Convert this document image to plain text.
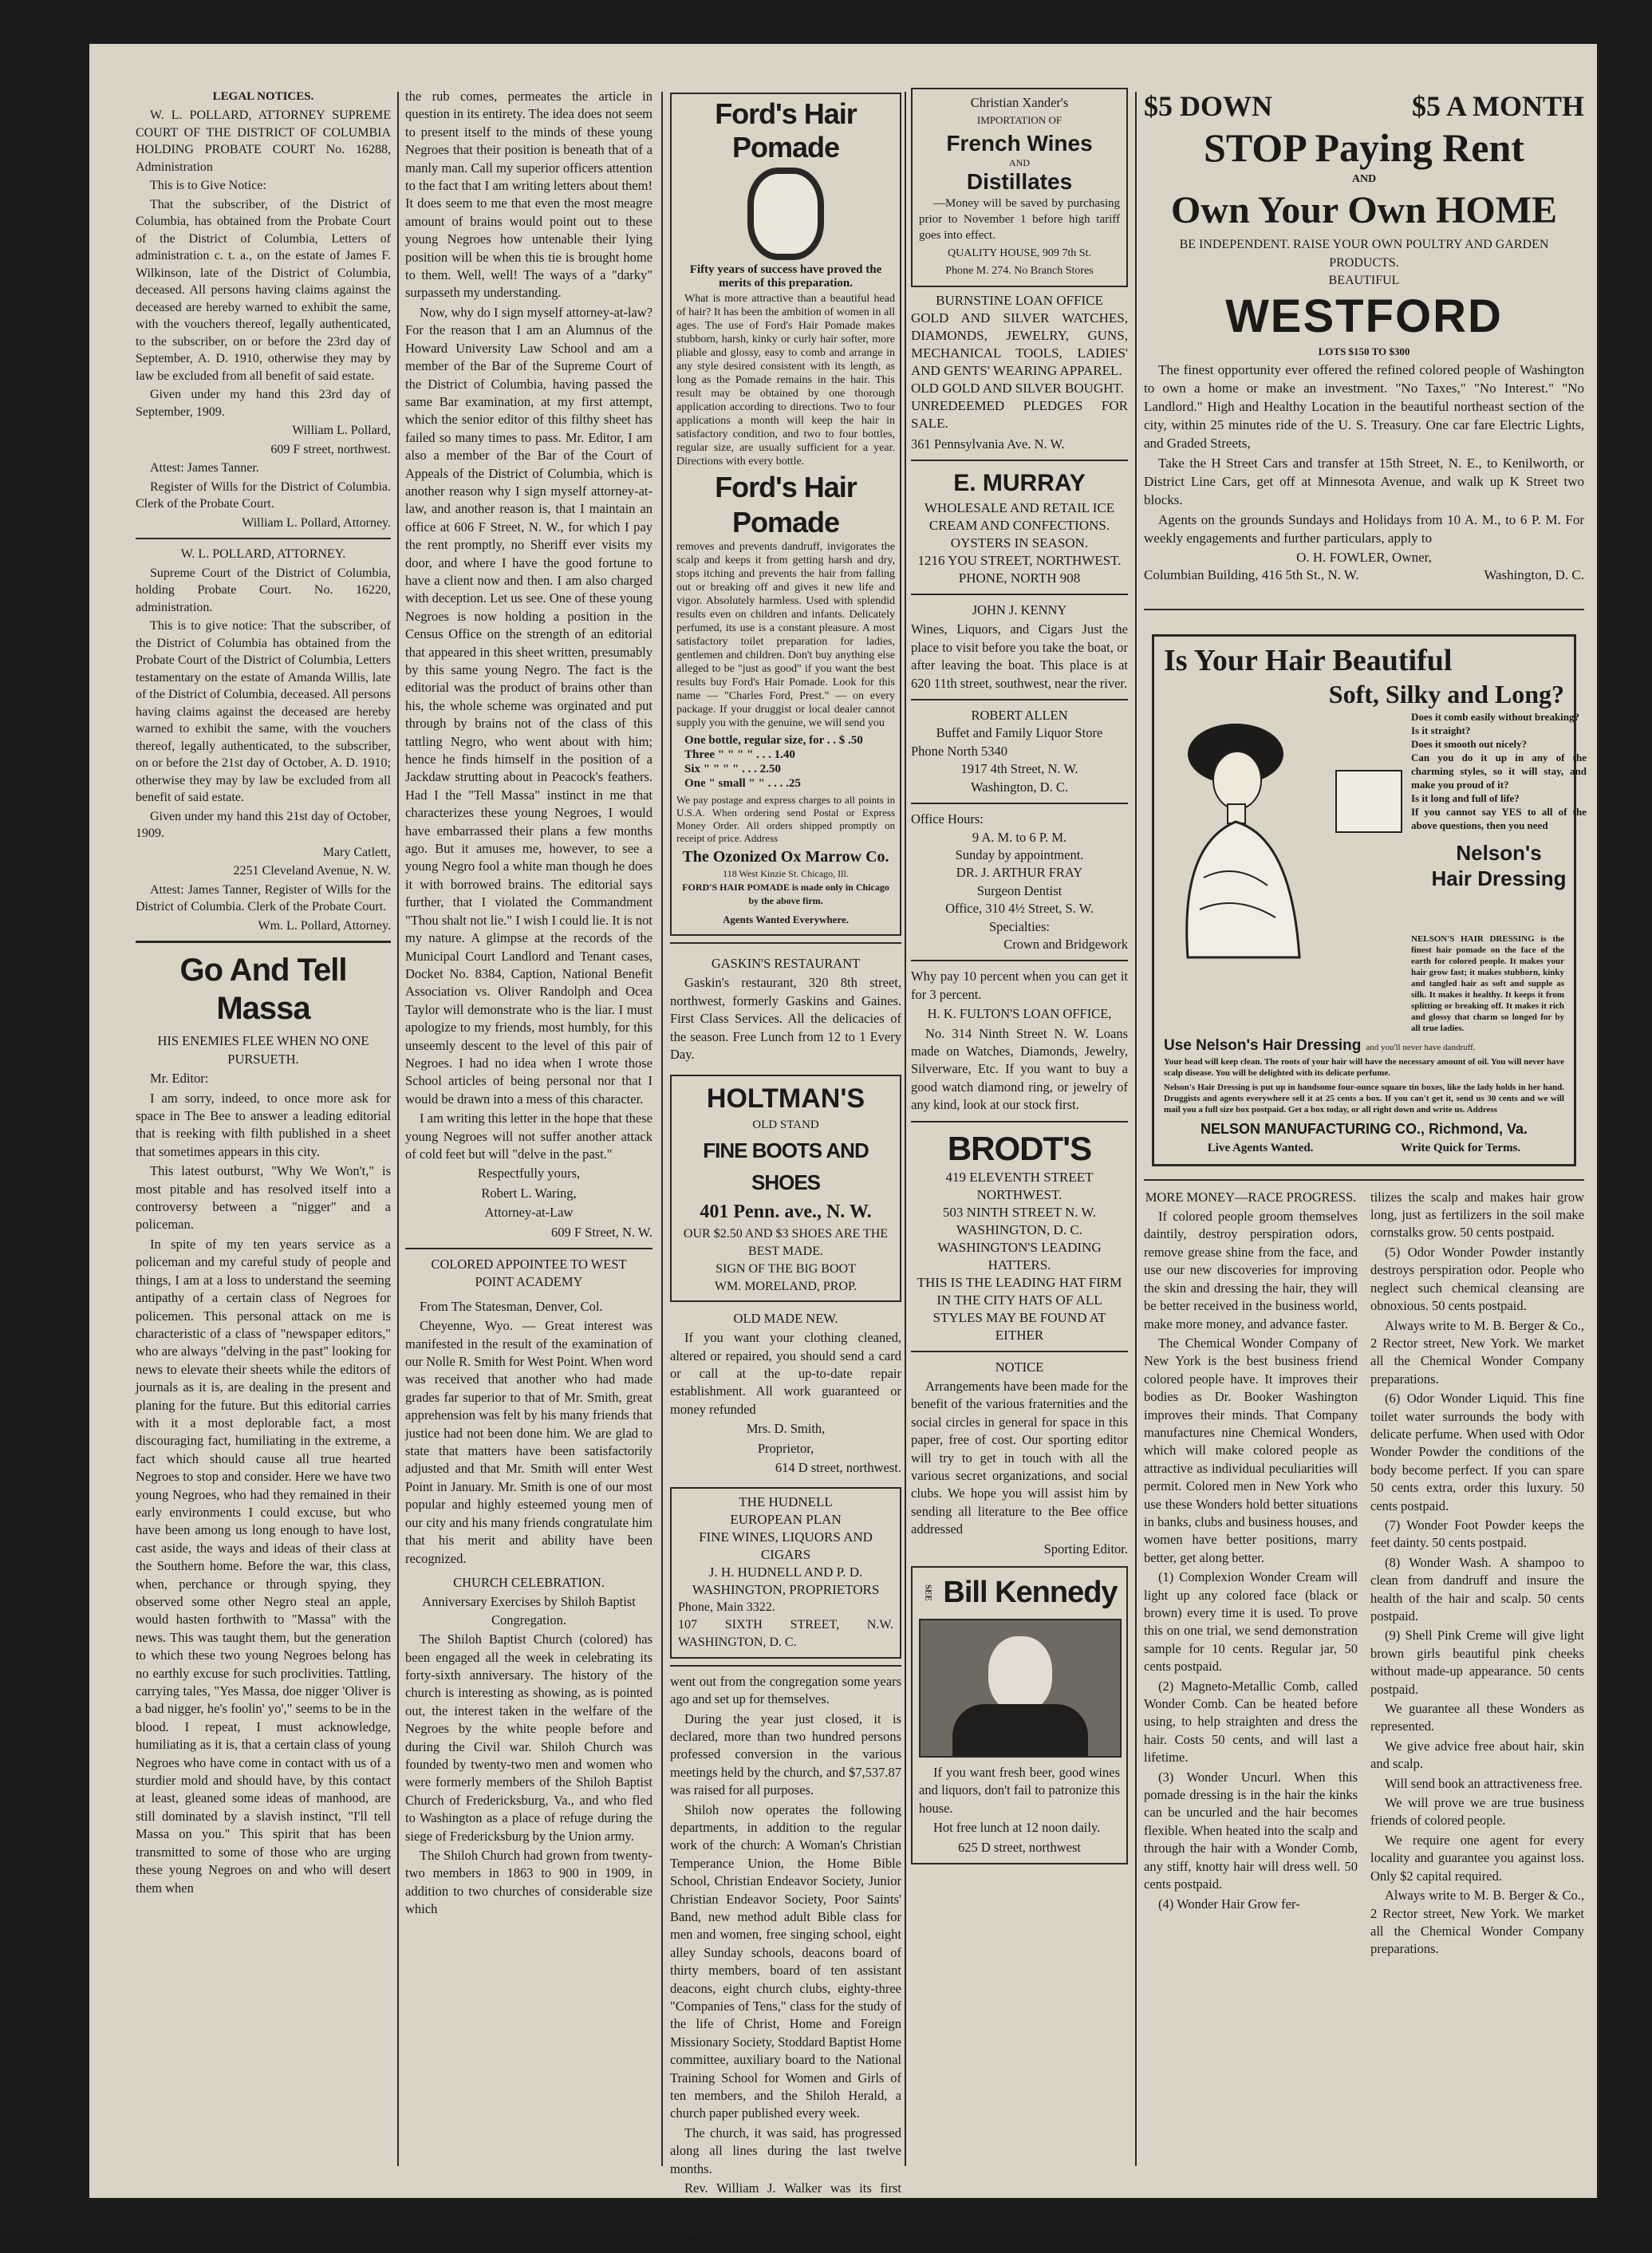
LEGAL NOTICES.

W. L. POLLARD, ATTORNEY SUPREME COURT OF THE DISTRICT OF COLUMBIA HOLDING PROBATE COURT No. 16288, Administration

This is to Give Notice:

That the subscriber, of the District of Columbia, has obtained from the Probate Court of the District of Columbia, Letters of administration c. t. a., on the estate of James F. Wilkinson, late of the District of Columbia, deceased. All persons having claims against the deceased are hereby warned to exhibit the same, with the vouchers thereof, legally authenticated, to the subscriber, on or before the 23rd day of September, A. D. 1910, otherwise they may by law be excluded from all benefit of said estate.

Given under my hand this 23rd day of September, 1909.

William L. Pollard,

609 F street, northwest.

Attest: James Tanner.

Register of Wills for the District of Columbia. Clerk of the Probate Court.

William L. Pollard, Attorney.

W. L. POLLARD, ATTORNEY.

Supreme Court of the District of Columbia, holding Probate Court. No. 16220, administration.

This is to give notice: That the subscriber, of the District of Columbia has obtained from the Probate Court of the District of Columbia, Letters testamentary on the estate of Amanda Willis, late of the District of Columbia, deceased. All persons having claims against the deceased are hereby warned to exhibit the same, with the vouchers thereof, legally authenticated, to the subscriber, on or before the 21st day of October, A. D. 1910; otherwise they may by law be excluded from all benefit of said estate.

Given under my hand this 21st day of October, 1909.

Mary Catlett,

2251 Cleveland Avenue, N. W.

Attest: James Tanner, Register of Wills for the District of Columbia. Clerk of the Probate Court.

Wm. L. Pollard, Attorney.

Go And Tell Massa

HIS ENEMIES FLEE WHEN NO ONE PURSUETH.

Mr. Editor:

I am sorry, indeed, to once more ask for space in The Bee to answer a leading editorial that is reeking with filth published in a sheet that sometimes appears in this city.

This latest outburst, "Why We Won't," is most pitable and has resolved itself into a controversy between a "nigger" and a policeman.

In spite of my ten years service as a policeman and my careful study of people and things, I am at a loss to understand the seeming antipathy of a certain class of Negroes for policemen. This personal attack on me is characteristic of a class of "newspaper editors," who are always "delving in the past" looking for news to elevate their sheets while the editors of journals as it is, are dealing in the present and planing for the future. But this editorial carries with it a most deplorable fact, a most discouraging fact, humiliating in the extreme, a fact which should cause all true hearted Negroes to stop and consider. Here we have two young Negroes, who had they remained in their early environments I could excuse, but who have been among us long enough to have lost, cast aside, the ways and ideas of their class at the Southern home. Before the war, this class, when, perchance or through spying, they observed some other Negro steal an apple, would hasten forthwith to "Massa" with the news. This was taught them, but the generation to which these two young Negroes belong has no earthly excuse for such proclivities. Tattling, carrying tales, "Yes Massa, doe nigger 'Oliver is a bad nigger, he's foolin' yo'," seems to be in the blood. I repeat, I must acknowledge, humiliating as it is, that a certain class of young Negroes who have come in contact with us of a sturdier mold and should have, by this contact at least, gleaned some ideas of manhood, are still dominated by a slavish instinct, "I'll tell Massa on you." This spirit that has been transmitted to some of those who are urging these young Negroes on and who will desert them when

the rub comes, permeates the article in question in its entirety. The idea does not seem to present itself to the minds of these young Negroes that their position is beneath that of a manly man. Call my superior officers attention to the fact that I am writing letters about them! It does seem to me that even the most meagre amount of brains would point out to these young Negroes how untenable their lying position will be when this tie is brought home to them. Well, well! The ways of a "darky" surpasseth my understanding.

Now, why do I sign myself attorney-at-law? For the reason that I am an Alumnus of the Howard University Law School and am a member of the Bar of the Supreme Court of the District of Columbia, having passed the same Bar examination, at my first attempt, which the senior editor of this filthy sheet has failed so many times to pass. Mr. Editor, I am also a member of the Bar of the Court of Appeals of the District of Columbia, which is another reason why I sign myself attorney-at-law, and another reason is, that I maintain an office at 606 F Street, N. W., for which I pay the rent promptly, no Sheriff ever visits my door, and where I have the good fortune to have a client now and then. I am also charged with deception. Let us see. One of these young Negroes is now holding a position in the Census Office on the strength of an editorial that appeared in this sheet written, presumably by this same young Negro. The fact is the editorial was the product of brains other than his, the whole scheme was orginated and put through by brains not of the class of this tattling Negro, who went about with him; hence he finds himself in the position of a Jackdaw strutting about in Peacock's feathers. Had I the "Tell Massa" instinct in me that characterizes these young Negroes, I would have embarrassed their plans a few months ago. But it amuses me, however, to see a young Negro fool a white man though he does it with borrowed brains. The editorial says further, that I violated the Commandment "Thou shalt not lie." I wish I could lie. It is not my nature. A glimpse at the records of the Municipal Court Landlord and Tenant cases, Docket No. 8384, Caption, National Benefit Association vs. Oliver Randolph and Ocea Taylor will demonstrate who is the liar. I must apologize to my friends, most humbly, for this unseemly descent to the level of this pair of Negroes. I had no idea when I wrote those School articles of being personal nor that I would be drawn into a mess of this character.

I am writing this letter in the hope that these young Negroes will not suffer another attack of cold feet but will "delve in the past."

Respectfully yours,

Robert L. Waring,

Attorney-at-Law

609 F Street, N. W.

COLORED APPOINTEE TO WEST POINT ACADEMY

From The Statesman, Denver, Col.

Cheyenne, Wyo. — Great interest was manifested in the result of the examination of our Nolle R. Smith for West Point. When word was received that another who had made grades far superior to that of Mr. Smith, great apprehension was felt by his many friends that justice had not been done him. We are glad to state that matters have been satisfactorily adjusted and that Mr. Smith will enter West Point in January. Mr. Smith is one of our most popular and highly esteemed young men of our city and his many friends congratulate him that his merit and ability have been recognized.

CHURCH CELEBRATION.

Anniversary Exercises by Shiloh Baptist Congregation.

The Shiloh Baptist Church (colored) has been engaged all the week in celebrating its forty-sixth anniversary. The history of the church is interesting as showing, as is pointed out, the interest taken in the welfare of the Negroes by the white people before and during the Civil war. Shiloh Church was founded by twenty-two men and women who were formerly members of the Shiloh Baptist Church of Fredericksburg, Va., and who fled to Washington as a place of refuge during the siege of Fredericksburg by the Union army.

The Shiloh Church had grown from twenty-two members in 1863 to 900 in 1909, in addition to two churches of considerable size which

Ford's Hair Pomade

Fifty years of success have proved the merits of this preparation.

What is more attractive than a beautiful head of hair? It has been the ambition of women in all ages. The use of Ford's Hair Pomade makes stubborn, harsh, kinky or curly hair softer, more pliable and glossy, easy to comb and arrange in any style desired consistent with its length, as long as the Pomade remains in the hair. This result may be obtained by one thorough application according to directions. Two to four applications a month will keep the hair in satisfactory condition, and two to four bottles, regular size, are usually sufficient for a year. Directions with every bottle.

Ford's Hair Pomade

removes and prevents dandruff, invigorates the scalp and keeps it from getting harsh and dry, stops itching and prevents the hair from falling out or breaking off and gives it new life and vigor. Absolutely harmless. Used with splendid results even on children and infants. Delicately perfumed, its use is a constant pleasure. A most satisfactory toilet preparation for ladies, gentlemen and children. Don't buy anything else alleged to be "just as good" if you want the best results buy Ford's Hair Pomade. Look for this name — "Charles Ford, Prest." — on every package. If your druggist or local dealer cannot supply you with the genuine, we will send you

One bottle, regular size, for . . $ .50
Three " " " " . . . 1.40
Six " " " " . . . 2.50
One " small " " . . . .25

We pay postage and express charges to all points in U.S.A. When ordering send Postal or Express Money Order. All orders shipped promptly on receipt of price. Address

The Ozonized Ox Marrow Co.
118 West Kinzie St. Chicago, Ill.
FORD'S HAIR POMADE is made only in Chicago by the above firm.
Agents Wanted Everywhere.

GASKIN'S RESTAURANT

Gaskin's restaurant, 320 8th street, northwest, formerly Gaskins and Gaines. First Class Services. All the delicacies of the season. Free Lunch from 12 to 1 Every Day.

HOLTMAN'S
OLD STAND
FINE BOOTS AND SHOES
401 Penn. ave., N. W.
OUR $2.50 AND $3 SHOES ARE THE BEST MADE.
SIGN OF THE BIG BOOT
WM. MORELAND, PROP.

OLD MADE NEW.

If you want your clothing cleaned, altered or repaired, you should send a card or call at the up-to-date repair establishment. All work guaranteed or money refunded

Mrs. D. Smith,

Proprietor,

614 D street, northwest.

THE HUDNELL
EUROPEAN PLAN
FINE WINES, LIQUORS AND CIGARS
J. H. HUDNELL AND P. D. WASHINGTON, PROPRIETORS
Phone, Main 3322.
107 SIXTH STREET, N.W. WASHINGTON, D. C.

went out from the congregation some years ago and set up for themselves.

During the year just closed, it is declared, more than two hundred persons professed conversion in the various meetings held by the church, and $7,537.87 was raised for all purposes.

Shiloh now operates the following departments, in addition to the regular work of the church: A Woman's Christian Temperance Union, the Home Bible School, Christian Endeavor Society, Junior Christian Endeavor Society, Poor Saints' Band, new method adult Bible class for men and women, free singing school, eight alley Sunday schools, deacons board of thirty members, board of ten assistant deacons, eight church clubs, eighty-three "Companies of Tens," class for the study of the life of Christ, Home and Foreign Missionary Society, Stoddard Baptist Home committee, auxiliary board to the National Training School for Women and Girls of ten members, and the Shiloh Herald, a church paper published every week.

The church, it was said, has progressed along all lines during the last twelve months.

Rev. William J. Walker was its first pastor. A flourishing memorial church named after this pastor is located in Thirteenth street northwest.

Christian Xander's
IMPORTATION OF
French Wines
AND
Distillates

—Money will be saved by purchasing prior to November 1 before high tariff goes into effect.

QUALITY HOUSE, 909 7th St.
Phone M. 274. No Branch Stores
BURNSTINE LOAN OFFICE
GOLD AND SILVER WATCHES, DIAMONDS, JEWELRY, GUNS, MECHANICAL TOOLS, LADIES' AND GENTS' WEARING APPAREL.
OLD GOLD AND SILVER BOUGHT.
UNREDEEMED PLEDGES FOR SALE.
361 Pennsylvania Ave. N. W.
E. MURRAY
WHOLESALE AND RETAIL ICE CREAM AND CONFECTIONS.
OYSTERS IN SEASON.
1216 YOU STREET, NORTHWEST. PHONE, NORTH 908

JOHN J. KENNY

Wines, Liquors, and Cigars Just the place to visit before you take the boat, or after leaving the boat. This place is at 620 11th street, southwest, near the river.

ROBERT ALLEN
Buffet and Family Liquor Store
Phone North 5340
1917 4th Street, N. W.
Washington, D. C.
Office Hours:
9 A. M. to 6 P. M.
Sunday by appointment.
DR. J. ARTHUR FRAY
Surgeon Dentist
Office, 310 4½ Street, S. W.
Specialties:
Crown and Bridgework

Why pay 10 percent when you can get it for 3 percent.

H. K. FULTON'S LOAN OFFICE,

No. 314 Ninth Street N. W. Loans made on Watches, Diamonds, Jewelry, Silverware, Etc. If you want to buy a good watch diamond ring, or jewelry of any kind, look at our stock first.

BRODT'S
419 ELEVENTH STREET NORTHWEST.
503 NINTH STREET N. W. WASHINGTON, D. C.
WASHINGTON'S LEADING HATTERS.
THIS IS THE LEADING HAT FIRM IN THE CITY HATS OF ALL STYLES MAY BE FOUND AT EITHER

NOTICE

Arrangements have been made for the benefit of the various fraternities and the social circles in general for space in this paper, free of cost. Our sporting editor will try to get in touch with all the various secret organizations, and social clubs. We hope you will assist him by sending all literature to the Bee office addressed

Sporting Editor.

SEE Bill Kennedy

If you want fresh beer, good wines and liquors, don't fail to patronize this house.

Hot free lunch at 12 noon daily.

625 D street, northwest

$5 DOWN	$5 A MONTH
STOP Paying Rent
AND
Own Your Own HOME
BE INDEPENDENT. RAISE YOUR OWN POULTRY AND GARDEN PRODUCTS.
BEAUTIFUL
WESTFORD
LOTS $150 TO $300

The finest opportunity ever offered the refined colored people of Washington to own a home or make an investment. "No Taxes," "No Interest." "No Landlord." High and Healthy Location in the beautiful northeast section of the city, within 25 minutes ride of the U. S. Treasury. One car fare Electric Lights, and Graded Streets,

Take the H Street Cars and transfer at 15th Street, N. E., to Kenilworth, or District Line Cars, get off at Minnesota Avenue, and walk up K Street two blocks.

Agents on the grounds Sundays and Holidays from 10 A. M., to 6 P. M. For weekly engagements and further particulars, apply to

O. H. FOWLER, Owner,
Columbian Building, 416 5th St., N. W.	Washington, D. C.
Is Your Hair Beautiful
Soft, Silky and Long?
Does it comb easily without breaking?
Is it straight?
Does it smooth out nicely?
Can you do it up in any of the charming styles, so it will stay, and make you proud of it?
Is it long and full of life?
If you cannot say YES to all of the above questions, then you need
Nelson's
Hair Dressing
NELSON'S HAIR DRESSING is the finest hair pomade on the face of the earth for colored people. It makes your hair grow fast; it makes stubborn, kinky and tangled hair as soft and supple as silk. It makes it healthy. It keeps it from splitting or breaking off. It makes it rich and glossy that charm so longed for by all true ladies.
Use Nelson's Hair Dressing and you'll never have dandruff.
Your head will keep clean. The roots of your hair will have the necessary amount of oil. You will never have scalp disease. You will be delighted with its delicate perfume.
Nelson's Hair Dressing is put up in handsome four-ounce square tin boxes, like the lady holds in her hand. Druggists and agents everywhere sell it at 25 cents a box. If you can't get it, send us 30 cents and we will mail you a full size box postpaid. Get a box today, or all right down and write us. Address
NELSON MANUFACTURING CO., Richmond, Va.
Live Agents Wanted.	Write Quick for Terms.

MORE MONEY—RACE PROGRESS.

If colored people groom themselves daintily, destroy perspiration odors, remove grease shine from the face, and use our new discoveries for improving the skin and dressing the hair, they will be better received in the business world, make more money, and advance faster.

The Chemical Wonder Company of New York is the best business friend colored people have. It improves their bodies as Dr. Booker Washington improves their minds. That Company manufactures nine Chemical Wonders, which will make colored people as attractive as individual peculiarities will permit. Colored men in New York who use these Wonders hold better situations in banks, clubs and business houses, and women have better positions, marry better, get along better.

(1) Complexion Wonder Cream will light up any colored face (black or brown) every time it is used. To prove this on one trial, we send demonstration sample for 10 cents. Regular jar, 50 cents postpaid.

(2) Magneto-Metallic Comb, called Wonder Comb. Can be heated before using, to help straighten and dress the hair. Costs 50 cents, and will last a lifetime.

(3) Wonder Uncurl. When this pomade dressing is in the hair the kinks can be uncurled and the hair becomes flexible. When heated into the scalp and through the hair with a Wonder Comb, any stiff, knotty hair will dress well. 50 cents postpaid.

(4) Wonder Hair Grow fer-

tilizes the scalp and makes hair grow long, just as fertilizers in the soil make cornstalks grow. 50 cents postpaid.

(5) Odor Wonder Powder instantly destroys perspiration odor. People who neglect such chemical cleansing are obnoxious. 50 cents postpaid.

Always write to M. B. Berger & Co., 2 Rector street, New York. We market all the Chemical Wonder Company preparations.

(6) Odor Wonder Liquid. This fine toilet water surrounds the body with delicate perfume. When used with Odor Wonder Powder the conditions of the body become perfect. If you can spare 50 cents extra, order this luxury. 50 cents postpaid.

(7) Wonder Foot Powder keeps the feet dainty. 50 cents postpaid.

(8) Wonder Wash. A shampoo to clean from dandruff and insure the health of the hair and scalp. 50 cents postpaid.

(9) Shell Pink Creme will give light brown girls beautiful pink cheeks without made-up appearance. 50 cents postpaid.

We guarantee all these Wonders as represented.

We give advice free about hair, skin and scalp.

Will send book an attractiveness free.

We will prove we are true business friends of colored people.

We require one agent for every locality and guarantee you against loss. Only $2 capital required.

Always write to M. B. Berger & Co., 2 Rector street, New York. We market all the Chemical Wonder Company preparations.
